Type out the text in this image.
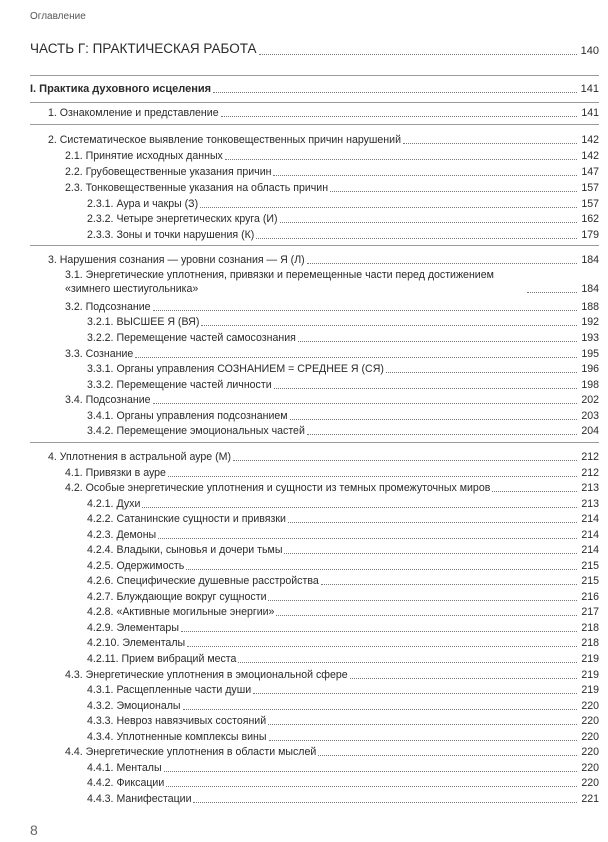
Оглавление
ЧАСТЬ Г: ПРАКТИЧЕСКАЯ РАБОТА	140
I. Практика духовного исцеления	141
1. Ознакомление и представление	141
2. Систематическое выявление тонковещественных причин нарушений	142
2.1. Принятие исходных данных	142
2.2. Грубовещественные указания причин	147
2.3. Тонковещественные указания на область причин	157
2.3.1. Аура и чакры (З)	157
2.3.2. Четыре энергетических круга (И)	162
2.3.3. Зоны и точки нарушения (К)	179
3. Нарушения сознания — уровни сознания — Я (Л)	184
3.1. Энергетические уплотнения, привязки и перемещенные части перед достижением «зимнего шестиугольника»	184
3.2. Подсознание	188
3.2.1. ВЫСШЕЕ Я (ВЯ)	192
3.2.2. Перемещение частей самосознания	193
3.3. Сознание	195
3.3.1. Органы управления СОЗНАНИЕМ = СРЕДНЕЕ Я (СЯ)	196
3.3.2. Перемещение частей личности	198
3.4. Подсознание	202
3.4.1. Органы управления подсознанием	203
3.4.2. Перемещение эмоциональных частей	204
4. Уплотнения в астральной ауре (М)	212
4.1. Привязки в ауре	212
4.2. Особые энергетические уплотнения и сущности из темных промежуточных миров	213
4.2.1. Духи	213
4.2.2. Сатанинские сущности и привязки	214
4.2.3. Демоны	214
4.2.4. Владыки, сыновья и дочери тьмы	214
4.2.5. Одержимость	215
4.2.6. Специфические душевные расстройства	215
4.2.7. Блуждающие вокруг сущности	216
4.2.8. «Активные могильные энергии»	217
4.2.9. Элементары	218
4.2.10. Элементалы	218
4.2.11. Прием вибраций места	219
4.3. Энергетические уплотнения в эмоциональной сфере	219
4.3.1. Расщепленные части души	219
4.3.2. Эмоционалы	220
4.3.3. Невроз навязчивых состояний	220
4.3.4. Уплотненные комплексы вины	220
4.4. Энергетические уплотнения в области мыслей	220
4.4.1. Менталы	220
4.4.2. Фиксации	220
4.4.3. Манифестации	221
8
